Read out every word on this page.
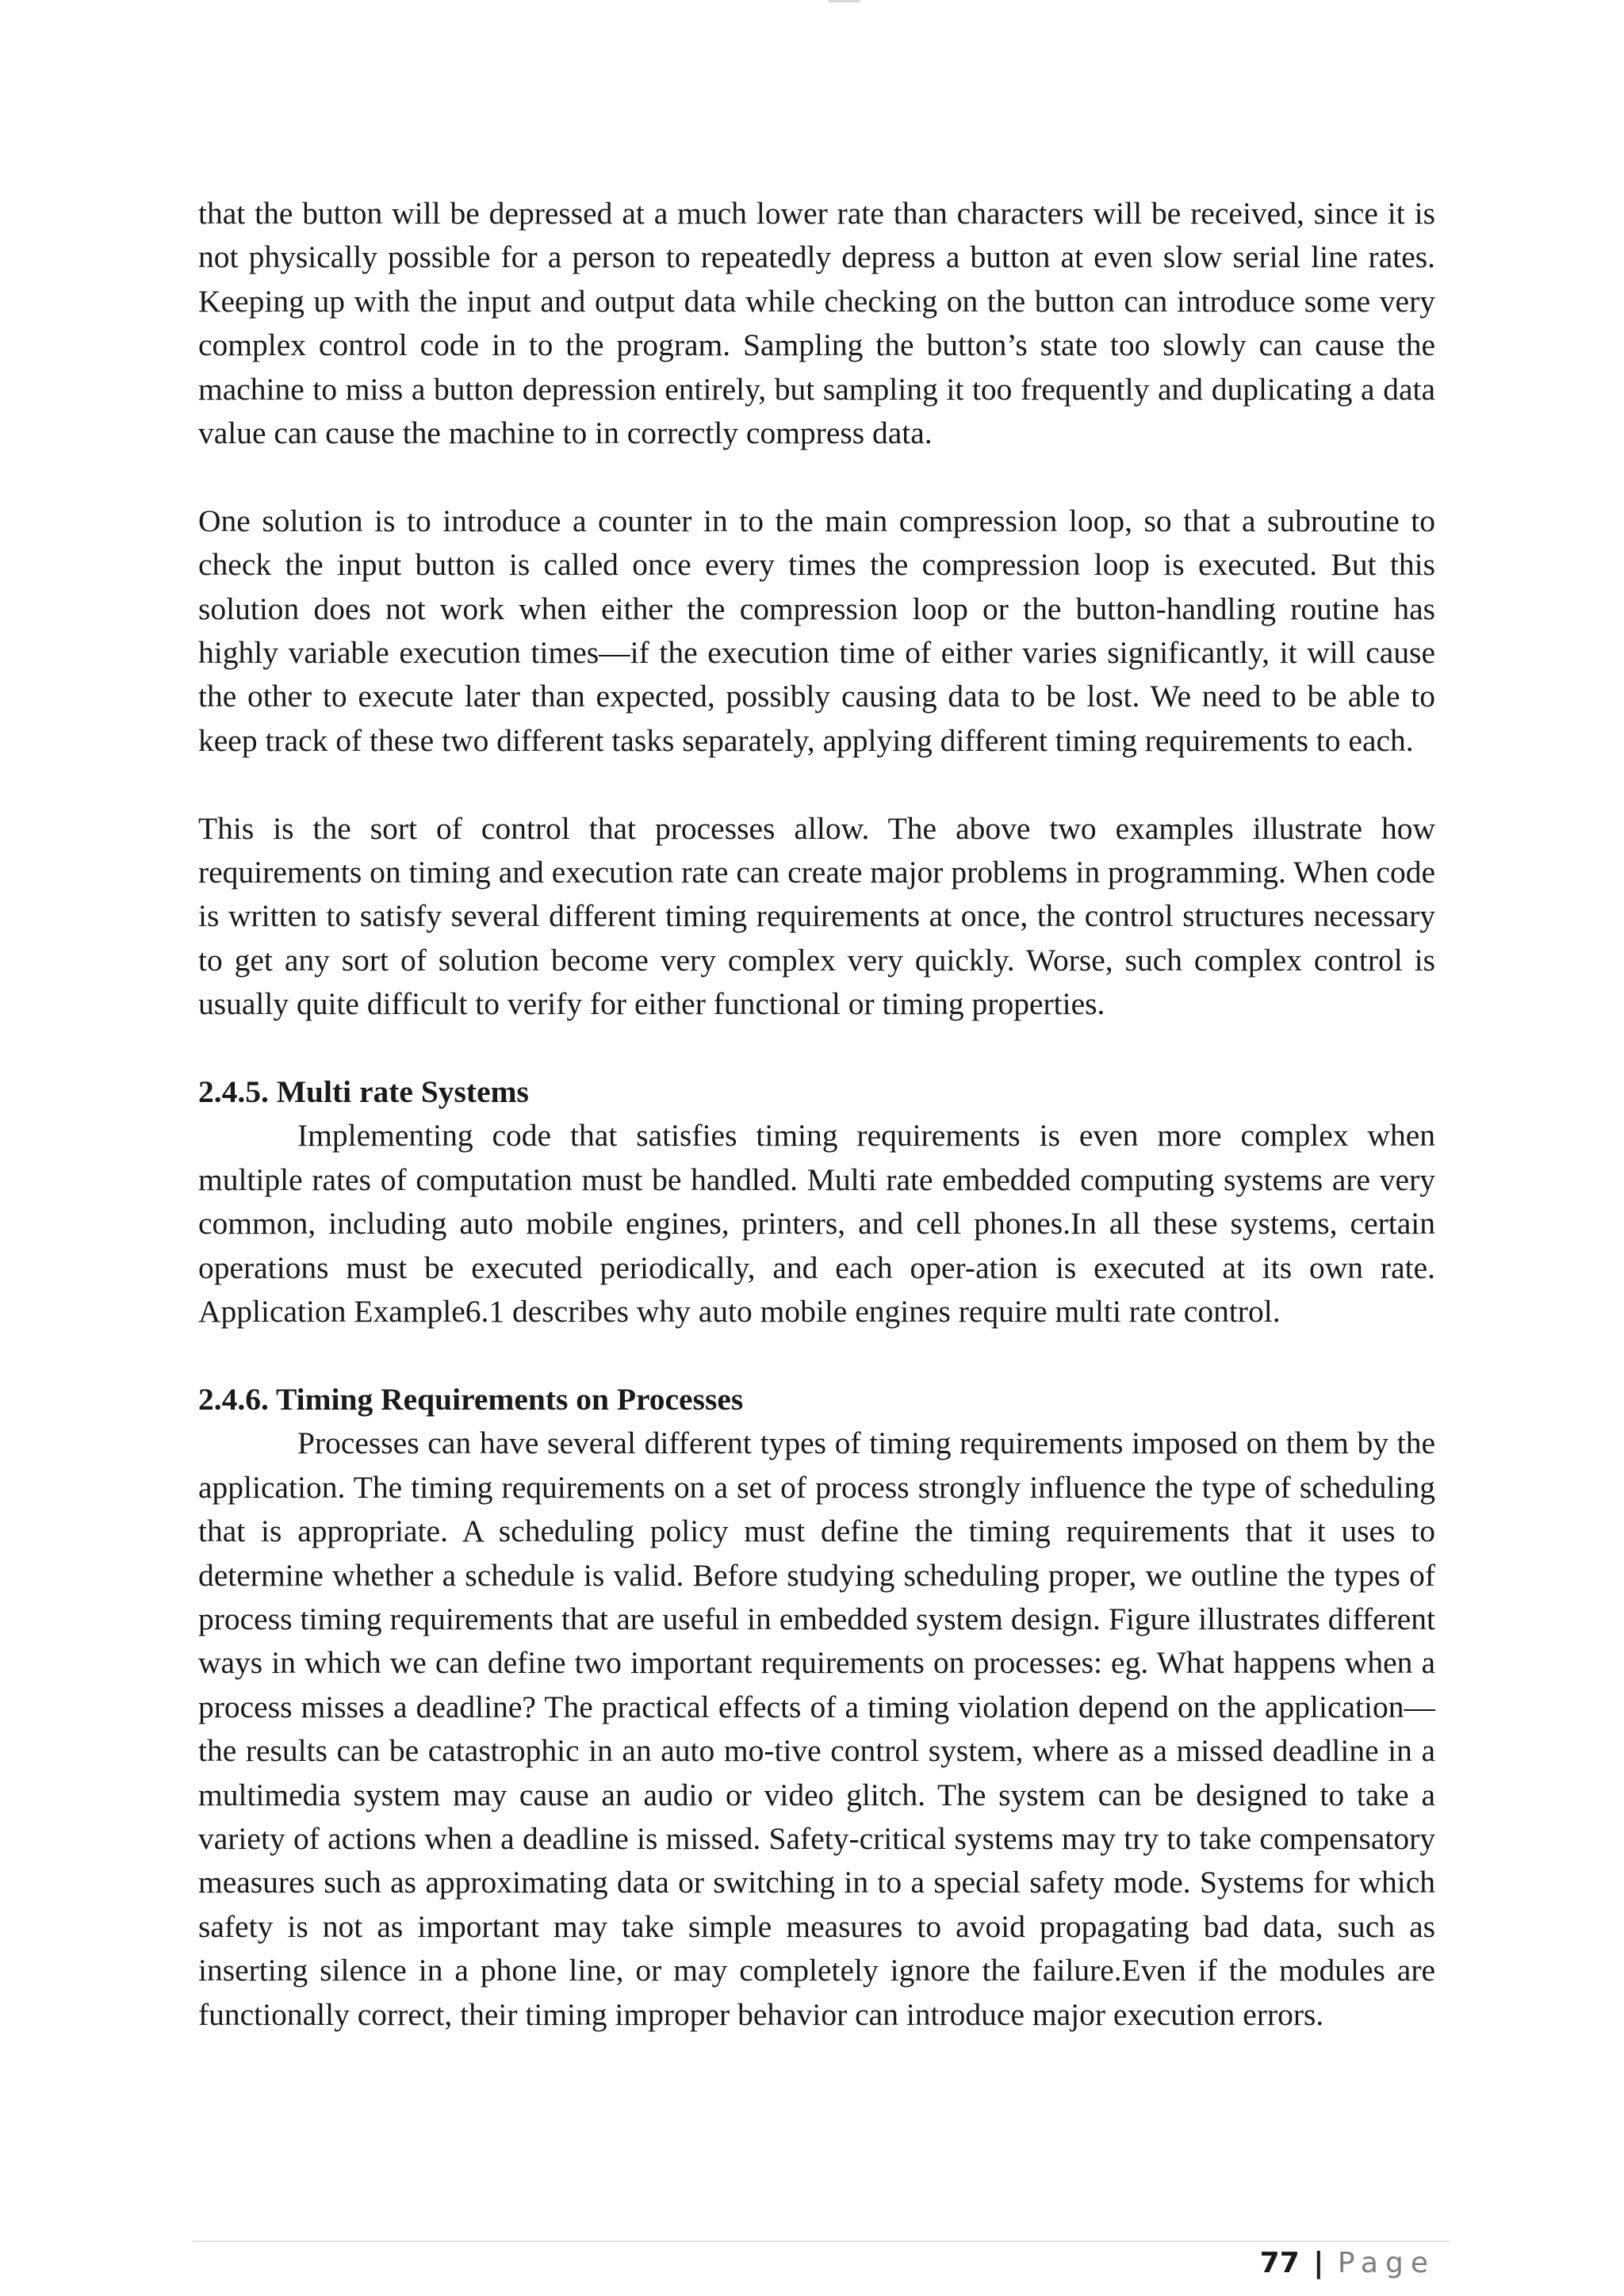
that the button will be depressed at a much lower rate than characters will be received, since it is not physically possible for a person to repeatedly depress a button at even slow serial line rates. Keeping up with the input and output data while checking on the button can introduce some very complex control code in to the program. Sampling the button’s state too slowly can cause the machine to miss a button depression entirely, but sampling it too frequently and duplicating a data value can cause the machine to in correctly compress data.

One solution is to introduce a counter in to the main compression loop, so that a subroutine to check the input button is called once every times the compression loop is executed. But this solution does not work when either the compression loop or the button-handling routine has highly variable execution times—if the execution time of either varies significantly, it will cause the other to execute later than expected, possibly causing data to be lost. We need to be able to keep track of these two different tasks separately, applying different timing requirements to each.

This is the sort of control that processes allow. The above two examples illustrate how requirements on timing and execution rate can create major problems in programming. When code is written to satisfy several different timing requirements at once, the control structures necessary to get any sort of solution become very complex very quickly. Worse, such complex control is usually quite difficult to verify for either functional or timing properties.

2.4.5. Multi rate Systems

Implementing code that satisfies timing requirements is even more complex when multiple rates of computation must be handled. Multi rate embedded computing systems are very common, including auto mobile engines, printers, and cell phones.In all these systems, certain operations must be executed periodically, and each oper-ation is executed at its own rate. Application Example6.1 describes why auto mobile engines require multi rate control.

2.4.6. Timing Requirements on Processes

Processes can have several different types of timing requirements imposed on them by the application. The timing requirements on a set of process strongly influence the type of scheduling that is appropriate. A scheduling policy must define the timing requirements that it uses to determine whether a schedule is valid. Before studying scheduling proper, we outline the types of process timing requirements that are useful in embedded system design. Figure illustrates different ways in which we can define two important requirements on processes: eg. What happens when a process misses a deadline? The practical effects of a timing violation depend on the application—the results can be catastrophic in an auto mo-tive control system, where as a missed deadline in a multimedia system may cause an audio or video glitch. The system can be designed to take a variety of actions when a deadline is missed. Safety-critical systems may try to take compensatory measures such as approximating data or switching in to a special safety mode. Systems for which safety is not as important may take simple measures to avoid propagating bad data, such as inserting silence in a phone line, or may completely ignore the failure.Even if the modules are functionally correct, their timing improper behavior can introduce major execution errors.

77 | Page
